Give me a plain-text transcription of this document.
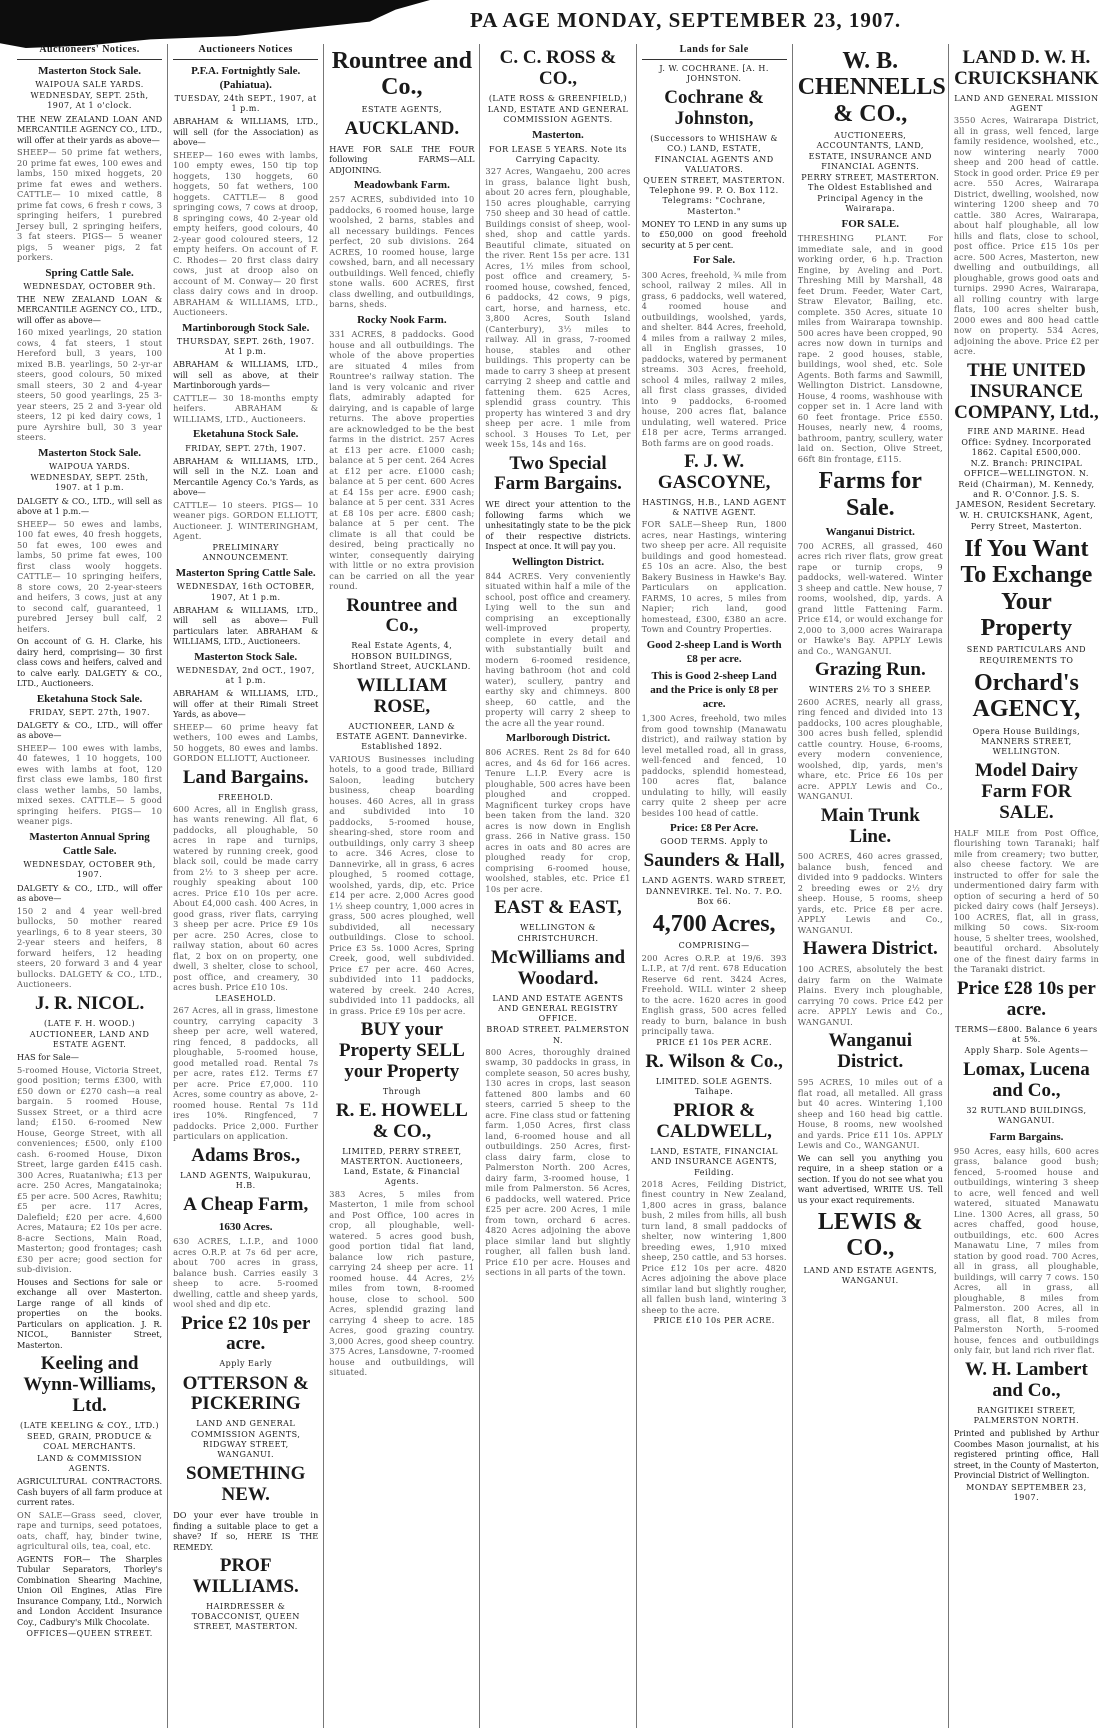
PA AGE MONDAY, SEPTEMBER 23, 1907.
Auctioneers' Notices.
Masterton Stock Sale.
WAIPOUA SALE YARDS.
WEDNESDAY, SEPT. 25th, 1907, At 1 o'clock.
THE NEW ZEALAND LOAN AND MERCANTILE AGENCY CO., LTD., will offer at their yards as above—
SHEEP— 50 prime fat wethers, 20 prime fat ewes, 100 ewes and lambs, 150 mixed hoggets, 20 prime fat ewes and wethers. CATTLE— 10 mixed cattle, 8 prime fat cows, 6 fresh r cows, 3 springing heifers, 1 purebred Jersey bull, 2 springing heifers, 3 fat steers. PIGS— 5 weaner pigs, 5 weaner pigs, 2 fat porkers.
Spring Cattle Sale.
WEDNESDAY, OCTOBER 9th.
THE NEW ZEALAND LOAN & MERCANTILE AGENCY CO., LTD., will offer as above—
160 mixed yearlings, 20 station cows, 4 fat steers, 1 stout Hereford bull, 3 years, 100 mixed B.B. yearlings, 50 2-yr-ar steers, good colours, 50 mixed small steers, 30 2 and 4-year steers, 50 good yearlings, 25 3-year steers, 25 2 and 3-year old steers, 12 pi ked dairy cows, 1 pure Ayrshire bull, 30 3 year steers.
Masterton Stock Sale.
WAIPOUA YARDS.
WEDNESDAY, SEPT. 25th, 1907. at 1 p.m.
DALGETY & CO., LTD., will sell as above at 1 p.m.—
SHEEP— 50 ewes and lambs, 100 fat ewes, 40 fresh hoggets, 50 fat ewes, 100 ewes and lambs, 50 prime fat ewes, 100 first class wooly hoggets. CATTLE— 10 springing heifers, 8 store cows, 20 2-year-steers and heifers, 3 cows, just at any to second calf, guaranteed, 1 purebred Jersey bull calf, 2 heifers.
On account of G. H. Clarke, his dairy herd, comprising— 30 first class cows and heifers, calved and to calve early. DALGETY & CO., LTD., Auctioneers.
Eketahuna Stock Sale.
FRIDAY, SEPT. 27th, 1907.
DALGETY & CO., LTD., will offer as above—
SHEEP— 100 ewes with lambs, 40 fatewes, 1 10 hoggets, 100 ewes with lambs at foot, 120 first class ewe lambs, 180 first class wether lambs, 50 lambs, mixed sexes. CATTLE— 5 good springing heifers. PIGS— 10 weaner pigs.
Masterton Annual Spring Cattle Sale.
WEDNESDAY, OCTOBER 9th, 1907.
DALGETY & CO., LTD., will offer as above—
150 2 and 4 year well-bred bullocks, 50 mother reared yearlings, 6 to 8 year steers, 30 2-year steers and heifers, 8 forward heifers, 12 heading steers, 20 forward 3 and 4 year bullocks. DALGETY & CO., LTD., Auctioneers.
J. R. NICOL.
(LATE F. H. WOOD.)
AUCTIONEER, LAND AND ESTATE AGENT.
HAS for Sale—
5-roomed House, Victoria Street, good position; terms £300, with £50 down or £270 cash—a real bargain. 5 roomed House, Sussex Street, or a third acre land; £150. 6-roomed New House, George Street, with all conveniences; £500, only £100 cash. 6-roomed House, Dixon Street, large garden £415 cash. 300 Acres, Ruataniwha; £13 per acre. 250 Acres, Mangatainoka; £5 per acre. 500 Acres, Rawhitu; £5 per acre. 117 Acres, Dalefield; £20 per acre. 4,600 Acres, Mataura; £2 10s per acre. 8-acre Sections, Main Road, Masterton; good frontages; cash £30 per acre; good section for sub-division.
Houses and Sections for sale or exchange all over Masterton. Large range of all kinds of properties on the books. Particulars on application. J. R. NICOL, Bannister Street, Masterton.
Keeling and Wynn-Williams, Ltd.
(LATE KEELING & COY., LTD.)
SEED, GRAIN, PRODUCE & COAL MERCHANTS.
LAND & COMMISSION AGENTS.
AGRICULTURAL CONTRACTORS. Cash buyers of all farm produce at current rates.
ON SALE—Grass seed, clover, rape and turnips, seed potatoes, oats, chaff, hay, binder twine, agricultural oils, tea, coal, etc.
AGENTS FOR— The Sharples Tubular Separators, Thorley's Combination Shearing Machine, Union Oil Engines, Atlas Fire Insurance Company, Ltd., Norwich and London Accident Insurance Coy., Cadbury's Milk Chocolate.
OFFICES—QUEEN STREET.
Auctioneers Notices
P.F.A. Fortnightly Sale. (Pahiatua).
TUESDAY, 24th SEPT., 1907, at 1 p.m.
ABRAHAM & WILLIAMS, LTD., will sell (for the Association) as above—
SHEEP— 160 ewes with lambs, 100 empty ewes, 150 tip top hoggets, 130 hoggets, 60 hoggets, 50 fat wethers, 100 hoggets. CATTLE— 8 good springing cows, 7 cows at droop, 8 springing cows, 40 2-year old empty heifers, good colours, 40 2-year good coloured steers, 12 empty heifers. On account of F. C. Rhodes— 20 first class dairy cows, just at droop also on account of M. Conway— 20 first class dairy cows and in droop. ABRAHAM & WILLIAMS, LTD., Auctioneers.
Martinborough Stock Sale.
THURSDAY, SEPT. 26th, 1907. At 1 p.m.
ABRAHAM & WILLIAMS, LTD., will sell as above, at their Martinborough yards—
CATTLE— 30 18-months empty heifers. ABRAHAM & WILLIAMS, LTD., Auctioneers.
Eketahuna Stock Sale.
FRIDAY, SEPT. 27th, 1907.
ABRAHAM & WILLIAMS, LTD., will sell in the N.Z. Loan and Mercantile Agency Co.'s Yards, as above—
CATTLE— 10 steers. PIGS— 10 weaner pigs. GORDON ELLIOTT, Auctioneer. J. WINTERINGHAM, Agent.
PRELIMINARY ANNOUNCEMENT.
Masterton Spring Cattle Sale.
WEDNESDAY, 16th OCTOBER, 1907, At 1 p.m.
ABRAHAM & WILLIAMS, LTD., will sell as above— Full particulars later. ABRAHAM & WILLIAMS, LTD., Auctioneers.
Masterton Stock Sale.
WEDNESDAY, 2nd OCT., 1907, at 1 p.m.
ABRAHAM & WILLIAMS, LTD., will offer at their Rimali Street Yards, as above—
SHEEP— 60 prime heavy fat wethers, 100 ewes and Lambs, 50 hoggets, 80 ewes and lambs. GORDON ELLIOTT, Auctioneer.
Land Bargains.
FREEHOLD.
600 Acres, all in English grass, has wants renewing. All flat, 6 paddocks, all ploughable, 50 acres in rape and turnips, watered by running creek, good black soil, could be made carry from 2½ to 3 sheep per acre. roughly speaking about 100 acres. Price £10 10s per acre. About £4,000 cash. 400 Acres, in good grass, river flats, carrying 3 sheep per acre. Price £9 10s per acre. 250 Acres, close to railway station, about 60 acres flat, 2 box on on property, one dwell, 3 shelter, close to school, post office, and creamery, 30 acres bush. Price £10 10s.
LEASEHOLD.
267 Acres, all in grass, limestone country, carrying capacity 3 sheep per acre, well watered, ring fenced, 8 paddocks, all ploughable, 5-roomed house, good metalled road. Rental 7s per acre, rates £12. Terms £7 per acre. Price £7,000. 110 Acres, some country as above, 2-roomed house. Rental 7s 11d ires 10%. Ringfenced, 7 paddocks. Price 2,000. Further particulars on application.
Adams Bros.,
LAND AGENTS, Waipukurau, H.B.
A Cheap Farm,
1630 Acres.
630 ACRES, L.I.P., and 1000 acres O.R.P. at 7s 6d per acre, about 700 acres in grass, balance bush. Carries easily 3 sheep to acre. 5-roomed dwelling, cattle and sheep yards, wool shed and dip etc.
Price £2 10s per acre.
Apply Early
OTTERSON & PICKERING
LAND AND GENERAL COMMISSION AGENTS, RIDGWAY STREET, WANGANUI.
SOMETHING NEW.
DO your ever have trouble in finding a suitable place to get a shave? If so, HERE IS THE REMEDY.
PROF WILLIAMS.
HAIRDRESSER & TOBACCONIST, QUEEN STREET, MASTERTON.
Rountree and Co.,
ESTATE AGENTS,
AUCKLAND.
HAVE FOR SALE THE FOUR following FARMS—ALL ADJOINING.
Meadowbank Farm.
257 ACRES, subdivided into 10 paddocks, 6 roomed house, large woolshed, 2 barns, stables and all necessary buildings. Fences perfect, 20 sub divisions. 264 ACRES, 10 roomed house, large cowshed, barn, and all necessary outbuildings. Well fenced, chiefly stone walls. 600 ACRES, first class dwelling, and outbuildings, barns, sheds.
Rocky Nook Farm.
331 ACRES, 8 paddocks. Good house and all outbuildings. The whole of the above properties are situated 4 miles from Rountree's railway station. The land is very volcanic and river flats, admirably adapted for dairying, and is capable of large returns. The above properties are acknowledged to be the best farms in the district. 257 Acres at £13 per acre. £1000 cash; balance at 5 per cent. 264 Acres at £12 per acre. £1000 cash; balance at 5 per cent. 600 Acres at £4 15s per acre. £900 cash; balance at 5 per cent. 331 Acres at £8 10s per acre. £800 cash; balance at 5 per cent. The climate is all that could be desired, being practically no winter, consequently dairying with little or no extra provision can be carried on all the year round.
Rountree and Co.,
Real Estate Agents, 4, HOBSON BUILDINGS, Shortland Street, AUCKLAND.
WILLIAM ROSE,
AUCTIONEER, LAND & ESTATE AGENT. Dannevirke. Established 1892.
VARIOUS Businesses including hotels, to a good trade, Billiard Saloon, leading butchery business, cheap boarding houses. 460 Acres, all in grass and subdivided into 10 paddocks, 5-roomed house, shearing-shed, store room and outbuildings, only carry 3 sheep to acre. 346 Acres, close to Dannevirke, all in grass, 6 acres ploughed, 5 roomed cottage, woolshed, yards, dip, etc. Price £14 per acre. 2,000 Acres good 1½ sheep country, 1,000 acres in grass, 500 acres ploughed, well subdivided, all necessary outbuildings. Close to school. Price £3 5s. 1000 Acres, Spring Creek, good, well subdivided. Price £7 per acre. 460 Acres, subdivided into 11 paddocks, watered by creek. 240 Acres, subdivided into 11 paddocks, all in grass. Price £9 10s per acre.
BUY your Property SELL your Property
Through
R. E. HOWELL & CO.,
LIMITED, PERRY STREET, MASTERTON. Auctioneers, Land, Estate, & Financial Agents.
383 Acres, 5 miles from Masterton, 1 mile from school and Post Office, 100 acres in crop, all ploughable, well-watered. 5 acres good bush, good portion tidal fiat land, balance low rich pasture, carrying 24 sheep per acre. 11 roomed house. 44 Acres, 2½ miles from town, 8-roomed house, close to school. 500 Acres, splendid grazing land carrying 4 sheep to acre. 185 Acres, good grazing country. 3,000 Acres, good sheep country. 375 Acres, Lansdowne, 7-roomed house and outbuildings, will situated.
C. C. ROSS & CO.,
(LATE ROSS & GREENFIELD,)
LAND, ESTATE AND GENERAL COMMISSION AGENTS.
Masterton.
FOR LEASE 5 YEARS. Note its Carrying Capacity.
327 Acres, Wangaehu, 200 acres in grass, balance light bush, about 20 acres fern, ploughable, 150 acres ploughable, carrying 750 sheep and 30 head of cattle. Buildings consist of sheep, wool-shed, shop and cattle yards. Beautiful climate, situated on the river. Rent 15s per acre. 131 Acres, 1½ miles from school, post office and creamery, 5-roomed house, cowshed, fenced, 6 paddocks, 42 cows, 9 pigs, cart, horse, and harness, etc. 3,800 Acres, South Island (Canterbury), 3½ miles to railway. All in grass, 7-roomed house, stables and other buildings. This property can be made to carry 3 sheep at present carrying 2 sheep and cattle and fattening them. 625 Acres, splendid grass country. This property has wintered 3 and dry sheep per acre. 1 mile from school. 3 Houses To Let, per week 15s, 14s and 16s.
Two Special Farm Bargains.
WE direct your attention to the following farms which we unhesitatingly state to be the pick of their respective districts. Inspect at once. It will pay you.
Wellington District.
844 ACRES. Very conveniently situated within half a mile of the school, post office and creamery. Lying well to the sun and comprising an exceptionally well-improved property, complete in every detail and with substantially built and modern 6-roomed residence, having bathroom (hot and cold water), scullery, pantry and earthy sky and chimneys. 800 sheep, 60 cattle, and the property will carry 2 sheep to the acre all the year round.
Marlborough District.
806 ACRES. Rent 2s 8d for 640 acres, and 4s 6d for 166 acres. Tenure L.I.P. Every acre is ploughable, 500 acres have been ploughed and cropped. Magnificent turkey crops have been taken from the land. 320 acres is now down in English grass. 266 in Native grass. 150 acres in oats and 80 acres are ploughed ready for crop, comprising 6-roomed house, woolshed, stables, etc. Price £1 10s per acre.
EAST & EAST,
WELLINGTON & CHRISTCHURCH.
McWilliams and Woodard.
LAND AND ESTATE AGENTS AND GENERAL REGISTRY OFFICE.
BROAD STREET. PALMERSTON N.
800 Acres, thoroughly drained swamp, 30 paddocks in grass, in complete season, 50 acres bushy, 130 acres in crops, last season fattened 800 lambs and 60 steers, carried 5 sheep to the acre. Fine class stud or fattening farm. 1,050 Acres, first class land, 6-roomed house and all outbuildings. 250 Acres, first-class dairy farm, close to Palmerston North. 200 Acres, dairy farm, 3-roomed house, 1 mile from Palmerston. 56 Acres, 6 paddocks, well watered. Price £25 per acre. 200 Acres, 1 mile from town, orchard 6 acres. 4820 Acres adjoining the above place similar land but slightly rougher, all fallen bush land. Price £10 per acre. Houses and sections in all parts of the town.
Lands for Sale
J. W. COCHRANE. [A. H. JOHNSTON.
Cochrane & Johnston,
(Successors to WHISHAW & CO.) LAND, ESTATE, FINANCIAL AGENTS AND VALUATORS.
QUEEN STREET, MASTERTON. Telephone 99. P. O. Box 112. Telegrams: "Cochrane, Masterton."
MONEY TO LEND in any sums up to £50,000 on good freehold security at 5 per cent.
For Sale.
300 Acres, freehold, ¾ mile from school, railway 2 miles. All in grass, 6 paddocks, well watered, 4 roomed house and outbuildings, woolshed, yards, and shelter. 844 Acres, freehold, 4 miles from a railway 2 miles, all in English grasses, 10 paddocks, watered by permanent streams. 303 Acres, freehold, school 4 miles, railway 2 miles, all first class grasses, divided into 9 paddocks, 6-roomed house, 200 acres flat, balance undulating, well watered. Price £18 per acre, Terms arranged. Both farms are on good roads.
F. J. W. GASCOYNE,
HASTINGS, H.B., LAND AGENT & NATIVE AGENT.
FOR SALE—Sheep Run, 1800 acres, near Hastings, wintering two sheep per acre. All requisite buildings and good homestead. £5 10s an acre. Also, the best Bakery Business in Hawke's Bay. Particulars on application. FARMS, 10 acres, 5 miles from Napier; rich land, good homestead, £300, £380 an acre. Town and Country Properties.
Good 2-sheep Land is Worth £8 per acre.
This is Good 2-sheep Land and the Price is only £8 per acre.
1,300 Acres, freehold, two miles from good township (Manawatu district), and railway station by level metalled road, all in grass, well-fenced and fenced, 10 paddocks, splendid homestead, 100 acres flat, balance undulating to hilly, will easily carry quite 2 sheep per acre besides 100 head of cattle.
Price: £8 Per Acre.
GOOD TERMS. Apply to
Saunders & Hall,
LAND AGENTS. WARD STREET, DANNEVIRKE. Tel. No. 7. P.O. Box 66.
4,700 Acres,
COMPRISING—
200 Acres O.R.P. at 19/6. 393 L.I.P., at 7/d rent. 678 Education Reserve 6d rent. 3424 Acres, Freehold. WILL winter 2 sheep to the acre. 1620 acres in good English grass, 500 acres felled ready to burn, balance in bush principally tawa.
PRICE £1 10s PER ACRE.
R. Wilson & Co.,
LIMITED. SOLE AGENTS. Taihape.
PRIOR & CALDWELL,
LAND, ESTATE, FINANCIAL AND INSURANCE AGENTS, Feilding.
2018 Acres, Feilding District, finest country in New Zealand, 1,800 acres in grass, balance bush, 2 miles from hills, all bush turn land, 8 small paddocks of shelter, now wintering 1,800 breeding ewes, 1,910 mixed sheep, 250 cattle, and 53 horses. Price £12 10s per acre. 4820 Acres adjoining the above place similar land but slightly rougher, all fallen bush land, wintering 3 sheep to the acre.
PRICE £10 10s PER ACRE.
W. B. CHENNELLS & CO.,
AUCTIONEERS, ACCOUNTANTS, LAND, ESTATE, INSURANCE AND FINANCIAL AGENTS.
PERRY STREET, MASTERTON. The Oldest Established and Principal Agency in the Wairarapa.
FOR SALE.
THRESHING PLANT. For immediate sale, and in good working order, 6 h.p. Traction Engine, by Aveling and Port. Threshing Mill by Marshall, 48 feet Drum. Feeder, Water Cart, Straw Elevator, Bailing, etc. complete. 350 Acres, situate 10 miles from Wairarapa township. 500 acres have been cropped, 90 acres now down in turnips and rape. 2 good houses, stable, buildings, wool shed, etc. Sole Agents. Both farms and Sawmill, Wellington District. Lansdowne, House, 4 rooms, washhouse with copper set in. 1 Acre land with 60 feet frontage. Price £550. Houses, nearly new, 4 rooms, bathroom, pantry, scullery, water laid on. Section, Olive Street, 66ft 8in frontage, £115.
Farms for Sale.
Wanganui District.
700 ACRES, all grassed, 460 acres rich river flats, grow great rape or turnip crops, 9 paddocks, well-watered. Winter 3 sheep and cattle. New house, 7 rooms, woolshed, dip, yards. A grand little Fattening Farm. Price £14, or would exchange for 2,000 to 3,000 acres Wairarapa or Hawke's Bay. APPLY Lewis and Co., WANGANUI.
Grazing Run.
WINTERS 2½ TO 3 SHEEP.
2600 ACRES, nearly all grass, ring fenced and divided into 13 paddocks, 100 acres ploughable, 300 acres bush felled, splendid cattle country. House, 6-rooms, every modern convenience, woolshed, dip, yards, men's whare, etc. Price £6 10s per acre. APPLY Lewis and Co., WANGANUI.
Main Trunk Line.
500 ACRES, 460 acres grassed, balance bush, fenced and divided into 9 paddocks. Winters 2 breeding ewes or 2½ dry sheep. House, 5 rooms, sheep yards, etc. Price £8 per acre. APPLY Lewis and Co., WANGANUI.
Hawera District.
100 ACRES, absolutely the best dairy farm on the Waimate Plains. Every inch ploughable, carrying 70 cows. Price £42 per acre. APPLY Lewis and Co., WANGANUI.
Wanganui District.
595 ACRES, 10 miles out of a flat road, all metalled. All grass but 40 acres. Wintering 1,100 sheep and 160 head big cattle. House, 8 rooms, new woolshed and yards. Price £11 10s. APPLY Lewis and Co., WANGANUI.
We can sell you anything you require, in a sheep station or a section. If you do not see what you want advertised, WRITE US. Tell us your exact requirements.
LEWIS & CO.,
LAND AND ESTATE AGENTS, WANGANUI.
LAND D. W. H. CRUICKSHANK
LAND AND GENERAL MISSION AGENT
3550 Acres, Wairarapa District, all in grass, well fenced, large family residence, woolshed, etc., now wintering nearly 7000 sheep and 200 head of cattle. Stock in good order. Price £9 per acre. 550 Acres, Wairarapa District, dwelling, woolshed, now wintering 1200 sheep and 70 cattle. 380 Acres, Wairarapa, about half ploughable, all low hills and flats, close to school, post office. Price £15 10s per acre. 500 Acres, Masterton, new dwelling and outbuildings, all ploughable, grows good oats and turnips. 2990 Acres, Wairarapa, all rolling country with large flats, 100 acres shelter bush, 2000 ewes and 800 head cattle now on property. 534 Acres, adjoining the above. Price £2 per acre.
THE UNITED INSURANCE COMPANY, Ltd.,
FIRE AND MARINE. Head Office: Sydney. Incorporated 1862. Capital £500,000.
N.Z. Branch: PRINCIPAL OFFICE—WELLINGTON. N. Reid (Chairman), M. Kennedy, and R. O'Connor. J.S. S. JAMESON, Resident Secretary.
W. H. CRUICKSHANK, Agent, Perry Street, Masterton.
If You Want To Exchange Your Property
SEND PARTICULARS AND REQUIREMENTS TO
Orchard's AGENCY,
Opera House Buildings, MANNERS STREET, WELLINGTON.
Model Dairy Farm FOR SALE.
HALF MILE from Post Office, flourishing town Taranaki; half mile from creamery; two butter, also cheese factory. We are instructed to offer for sale the undermentioned dairy farm with option of securing a herd of 50 picked dairy cows (half Jerseys). 100 ACRES, flat, all in grass, milking 50 cows. Six-room house, 5 shelter trees, woolshed, beautiful orchard. Absolutely one of the finest dairy farms in the Taranaki district.
Price £28 10s per acre.
TERMS—£800. Balance 6 years at 5%.
Apply Sharp. Sole Agents—
Lomax, Lucena and Co.,
32 RUTLAND BUILDINGS, WANGANUI.
Farm Bargains.
950 Acres, easy hills, 600 acres grass, balance good bush; fenced, 5-roomed house and outbuildings, wintering 3 sheep to acre, well fenced and well watered, situated Manawatu Line. 1300 Acres, all grass, 50 acres chaffed, good house, outbuildings, etc. 600 Acres Manawatu Line, 7 miles from station by good road. 700 Acres, all in grass, all ploughable, buildings, will carry 7 cows. 150 Acres, all in grass, all ploughable, 8 miles from Palmerston. 200 Acres, all in grass, all flat, 8 miles from Palmerston North, 5-roomed house, fences and outbuildings only fair, but land rich river flat.
W. H. Lambert and Co.,
RANGITIKEI STREET, PALMERSTON NORTH.
Printed and published by Arthur Coombes Mason journalist, at his registered printing office, Hall street, in the County of Masterton, Provincial District of Wellington.
MONDAY SEPTEMBER 23, 1907.
